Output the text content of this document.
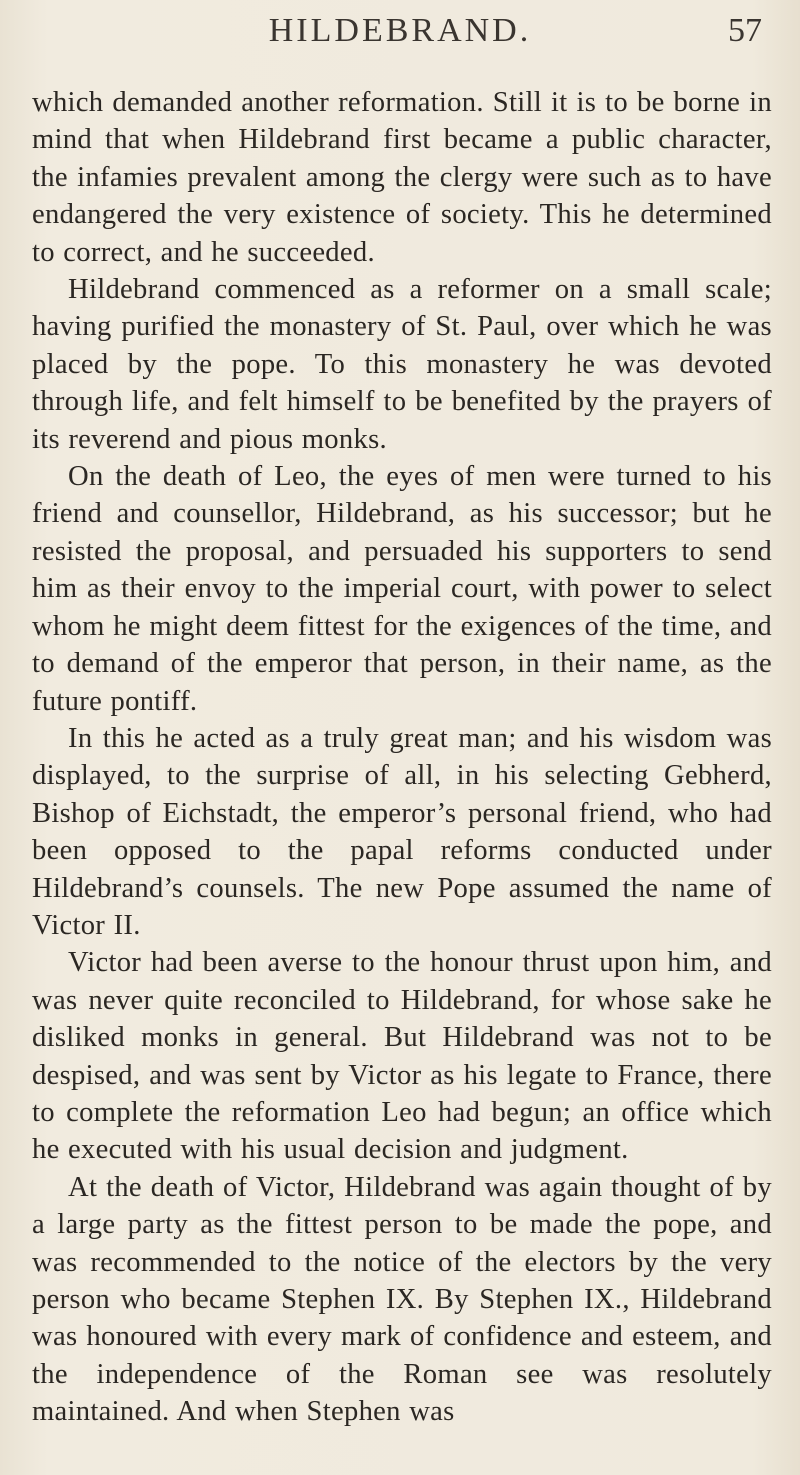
HILDEBRAND.	57

which demanded another reformation. Still it is to be borne in mind that when Hildebrand first became a public character, the infamies prevalent among the clergy were such as to have endangered the very existence of society. This he determined to correct, and he succeeded.

Hildebrand commenced as a reformer on a small scale; having purified the monastery of St. Paul, over which he was placed by the pope. To this monastery he was devoted through life, and felt himself to be benefited by the prayers of its reverend and pious monks.

On the death of Leo, the eyes of men were turned to his friend and counsellor, Hildebrand, as his successor; but he resisted the proposal, and persuaded his supporters to send him as their envoy to the imperial court, with power to select whom he might deem fittest for the exigences of the time, and to demand of the emperor that person, in their name, as the future pontiff.

In this he acted as a truly great man; and his wisdom was displayed, to the surprise of all, in his selecting Gebherd, Bishop of Eichstadt, the emperor’s personal friend, who had been opposed to the papal reforms conducted under Hildebrand’s counsels. The new Pope assumed the name of Victor II.

Victor had been averse to the honour thrust upon him, and was never quite reconciled to Hildebrand, for whose sake he disliked monks in general. But Hildebrand was not to be despised, and was sent by Victor as his legate to France, there to complete the reformation Leo had begun; an office which he executed with his usual decision and judgment.

At the death of Victor, Hildebrand was again thought of by a large party as the fittest person to be made the pope, and was recommended to the notice of the electors by the very person who became Stephen IX. By Stephen IX., Hildebrand was honoured with every mark of confidence and esteem, and the independence of the Roman see was resolutely maintained. And when Stephen was
